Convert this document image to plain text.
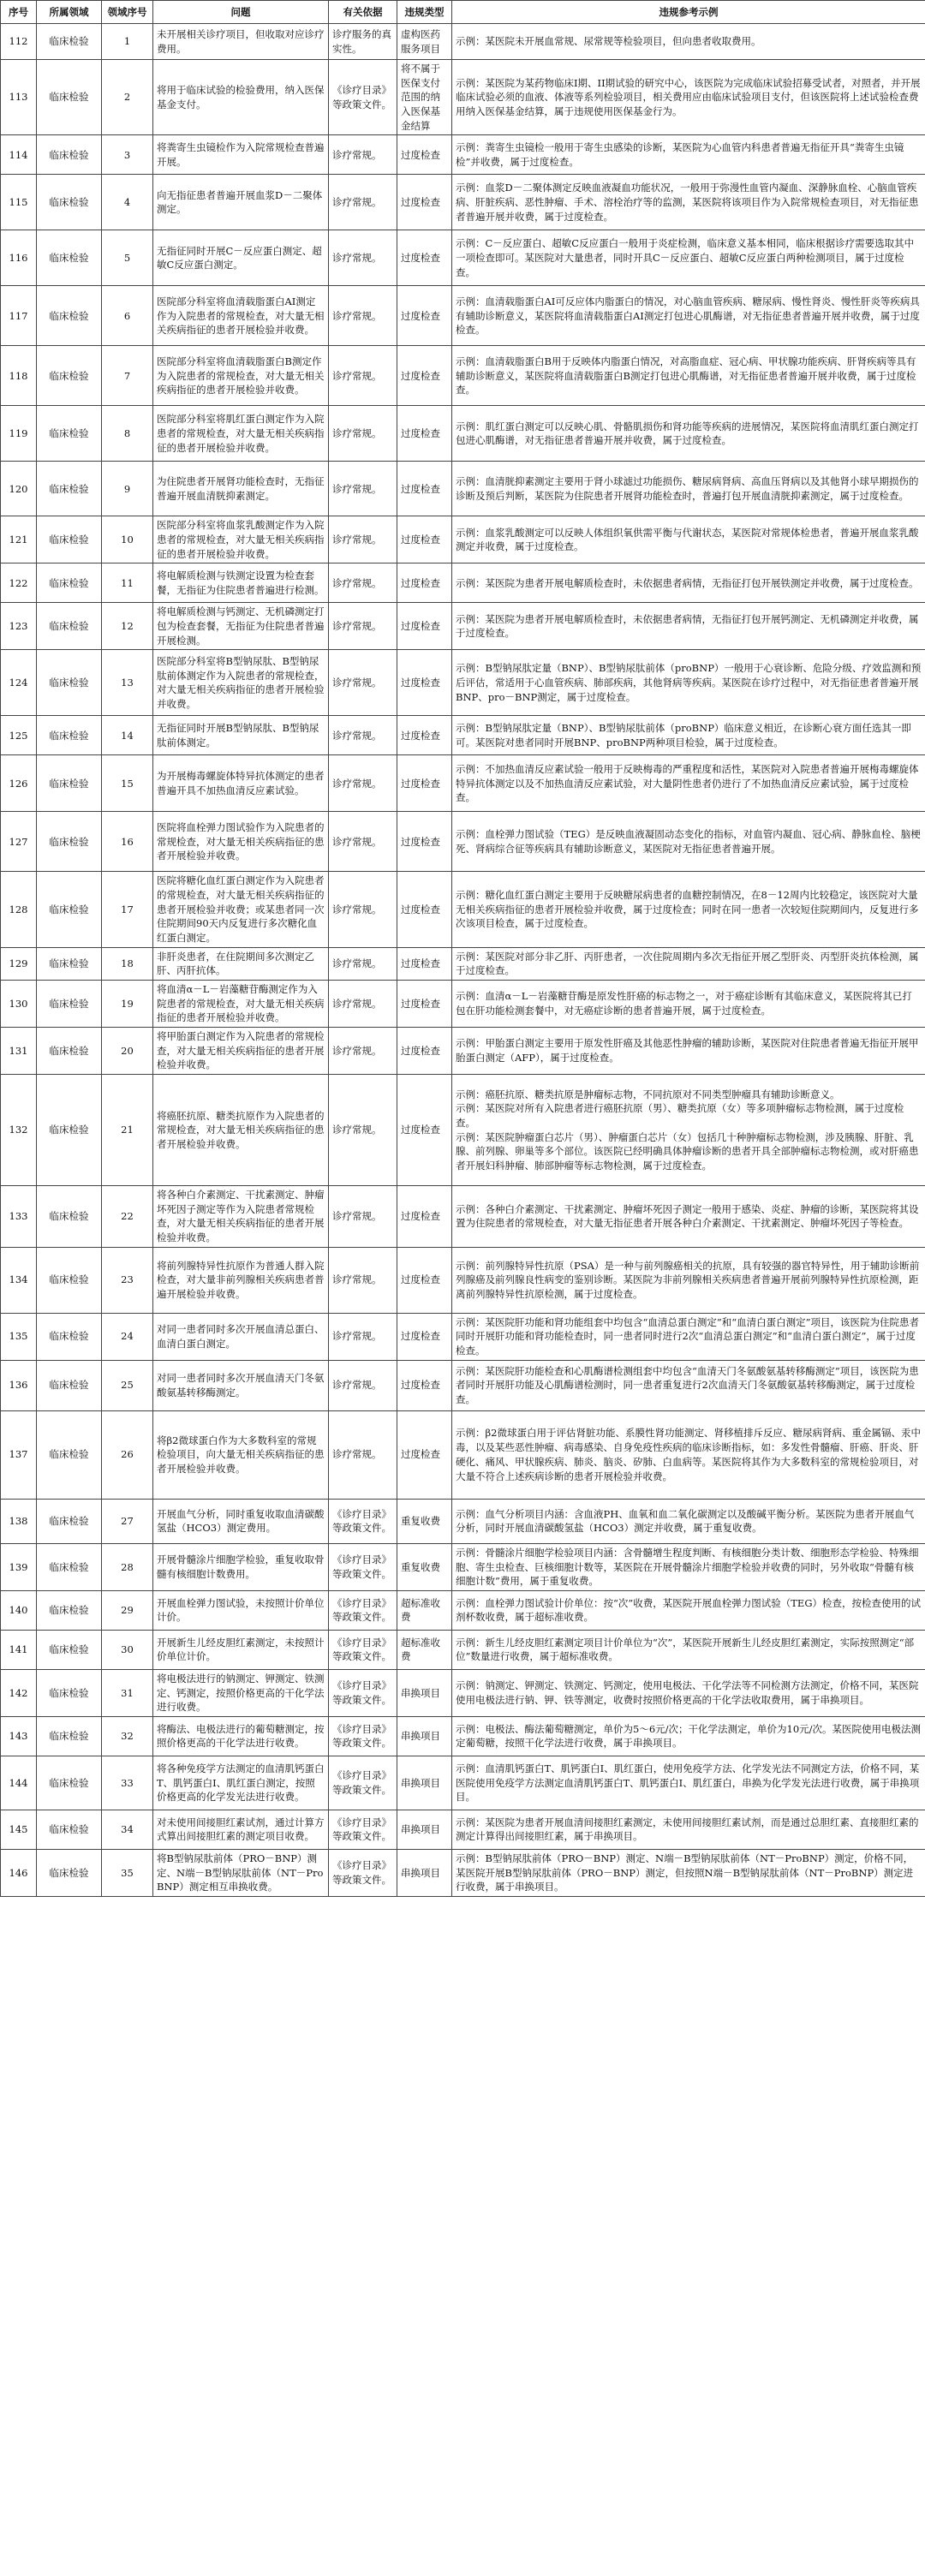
序号	所属领域	领域序号	问题	有关依据	违规类型	违规参考示例
112	临床检验	1	未开展相关诊疗项目，但收取对应诊疗费用。	诊疗服务的真实性。	虚构医药服务项目	示例：某医院未开展血常规、尿常规等检验项目，但向患者收取费用。
113	临床检验	2	将用于临床试验的检验费用，纳入医保基金支付。	《诊疗目录》等政策文件。	将不属于医保支付范围的纳入医保基金结算	示例：某医院为某药物临床I期、II期试验的研究中心，该医院为完成临床试验招募受试者，对照者，并开展临床试验必须的血液、体液等系列检验项目，相关费用应由临床试验项目支付，但该医院将上述试验检查费用纳入医保基金结算，属于违规使用医保基金行为。
114	临床检验	3	将粪寄生虫镜检作为入院常规检查普遍开展。	诊疗常规。	过度检查	示例：粪寄生虫镜检一般用于寄生虫感染的诊断，某医院为心血管内科患者普遍无指征开具“粪寄生虫镜检”并收费，属于过度检查。
115	临床检验	4	向无指征患者普遍开展血浆D－二聚体测定。	诊疗常规。	过度检查	示例：血浆D－二聚体测定反映血液凝血功能状况，一般用于弥漫性血管内凝血、深静脉血栓、心脑血管疾病、肝脏疾病、恶性肿瘤、手术、溶栓治疗等的监测，某医院将该项目作为入院常规检查项目，对无指征患者普遍开展并收费，属于过度检查。
116	临床检验	5	无指征同时开展C－反应蛋白测定、超敏C反应蛋白测定。	诊疗常规。	过度检查	示例：C－反应蛋白、超敏C反应蛋白一般用于炎症检测，临床意义基本相同，临床根据诊疗需要选取其中一项检查即可。某医院对大量患者，同时开具C－反应蛋白、超敏C反应蛋白两种检测项目，属于过度检查。
117	临床检验	6	医院部分科室将血清载脂蛋白AI测定作为入院患者的常规检查，对大量无相关疾病指征的患者开展检验并收费。	诊疗常规。	过度检查	示例：血清载脂蛋白AI可反应体内脂蛋白的情况，对心脑血管疾病、糖尿病、慢性肾炎、慢性肝炎等疾病具有辅助诊断意义，某医院将血清载脂蛋白AI测定打包进心肌酶谱，对无指征患者普遍开展并收费，属于过度检查。
118	临床检验	7	医院部分科室将血清载脂蛋白B测定作为入院患者的常规检查，对大量无相关疾病指征的患者开展检验并收费。	诊疗常规。	过度检查	示例：血清载脂蛋白B用于反映体内脂蛋白情况，对高脂血症、冠心病、甲状腺功能疾病、肝肾疾病等具有辅助诊断意义，某医院将血清载脂蛋白B测定打包进心肌酶谱，对无指征患者普遍开展并收费，属于过度检查。
119	临床检验	8	医院部分科室将肌红蛋白测定作为入院患者的常规检查，对大量无相关疾病指征的患者开展检验并收费。	诊疗常规。	过度检查	示例：肌红蛋白测定可以反映心肌、骨骼肌损伤和肾功能等疾病的进展情况，某医院将血清肌红蛋白测定打包进心肌酶谱，对无指征患者普遍开展并收费，属于过度检查。
120	临床检验	9	为住院患者开展肾功能检查时，无指征普遍开展血清胱抑素测定。	诊疗常规。	过度检查	示例：血清胱抑素测定主要用于肾小球滤过功能损伤、糖尿病肾病、高血压肾病以及其他肾小球早期损伤的诊断及预后判断，某医院为住院患者开展肾功能检查时，普遍打包开展血清胱抑素测定，属于过度检查。
121	临床检验	10	医院部分科室将血浆乳酸测定作为入院患者的常规检查，对大量无相关疾病指征的患者开展检验并收费。	诊疗常规。	过度检查	示例：血浆乳酸测定可以反映人体组织氧供需平衡与代谢状态，某医院对常规体检患者，普遍开展血浆乳酸测定并收费，属于过度检查。
122	临床检验	11	将电解质检测与铁测定设置为检查套餐，无指征为住院患者普遍进行检测。	诊疗常规。	过度检查	示例：某医院为患者开展电解质检查时，未依据患者病情，无指征打包开展铁测定并收费，属于过度检查。
123	临床检验	12	将电解质检测与钙测定、无机磷测定打包为检查套餐，无指征为住院患者普遍开展检测。	诊疗常规。	过度检查	示例：某医院为患者开展电解质检查时，未依据患者病情，无指征打包开展钙测定、无机磷测定并收费，属于过度检查。
124	临床检验	13	医院部分科室将B型钠尿肽、B型钠尿肽前体测定作为入院患者的常规检查，对大量无相关疾病指征的患者开展检验并收费。	诊疗常规。	过度检查	示例：B型钠尿肽定量（BNP）、B型钠尿肽前体（proBNP）一般用于心衰诊断、危险分级、疗效监测和预后评估，常适用于心血管疾病、肺部疾病，其他肾病等疾病。某医院在诊疗过程中，对无指征患者普遍开展BNP、pro－BNP测定，属于过度检查。
125	临床检验	14	无指征同时开展B型钠尿肽、B型钠尿肽前体测定。	诊疗常规。	过度检查	示例：B型钠尿肽定量（BNP）、B型钠尿肽前体（proBNP）临床意义相近，在诊断心衰方面任选其一即可。某医院对患者同时开展BNP、proBNP两种项目检验，属于过度检查。
126	临床检验	15	为开展梅毒螺旋体特异抗体测定的患者普遍开具不加热血清反应素试验。	诊疗常规。	过度检查	示例：不加热血清反应素试验一般用于反映梅毒的严重程度和活性，某医院对入院患者普遍开展梅毒螺旋体特异抗体测定以及不加热血清反应素试验，对大量阴性患者仍进行了不加热血清反应素试验，属于过度检查。
127	临床检验	16	医院将血栓弹力图试验作为入院患者的常规检查，对大量无相关疾病指征的患者开展检验并收费。	诊疗常规。	过度检查	示例：血栓弹力图试验（TEG）是反映血液凝固动态变化的指标，对血管内凝血、冠心病、静脉血栓、脑梗死、肾病综合征等疾病具有辅助诊断意义，某医院对无指征患者普遍开展。
128	临床检验	17	医院将糖化血红蛋白测定作为入院患者的常规检查，对大量无相关疾病指征的患者开展检验并收费；或某患者同一次住院期间90天内反复进行多次糖化血红蛋白测定。	诊疗常规。	过度检查	示例：糖化血红蛋白测定主要用于反映糖尿病患者的血糖控制情况，在8－12周内比较稳定，该医院对大量无相关疾病指征的患者开展检验并收费，属于过度检查；同时在同一患者一次较短住院期间内，反复进行多次该项目检查，属于过度检查。
129	临床检验	18	非肝炎患者，在住院期间多次测定乙肝、丙肝抗体。	诊疗常规。	过度检查	示例：某医院对部分非乙肝、丙肝患者，一次住院周期内多次无指征开展乙型肝炎、丙型肝炎抗体检测，属于过度检查。
130	临床检验	19	将血清α－L－岩藻糖苷酶测定作为入院患者的常规检查，对大量无相关疾病指征的患者开展检验并收费。	诊疗常规。	过度检查	示例：血清α－L－岩藻糖苷酶是原发性肝癌的标志物之一，对于癌症诊断有其临床意义，某医院将其已打包在肝功能检测套餐中，对无癌症诊断的患者普遍开展，属于过度检查。
131	临床检验	20	将甲胎蛋白测定作为入院患者的常规检查，对大量无相关疾病指征的患者开展检验并收费。	诊疗常规。	过度检查	示例：甲胎蛋白测定主要用于原发性肝癌及其他恶性肿瘤的辅助诊断，某医院对住院患者普遍无指征开展甲胎蛋白测定（AFP），属于过度检查。
132	临床检验	21	将癌胚抗原、糖类抗原作为入院患者的常规检查，对大量无相关疾病指征的患者开展检验并收费。	诊疗常规。	过度检查	示例：癌胚抗原、糖类抗原是肿瘤标志物，不同抗原对不同类型肿瘤具有辅助诊断意义。
示例：某医院对所有入院患者进行癌胚抗原（男）、糖类抗原（女）等多项肿瘤标志物检测，属于过度检查。
示例：某医院肿瘤蛋白芯片（男）、肿瘤蛋白芯片（女）包括几十种肿瘤标志物检测，涉及胰腺、肝脏、乳腺、前列腺、卵巢等多个部位。该医院已经明确具体肿瘤诊断的患者开具全部肿瘤标志物检测，或对肝癌患者开展妇科肿瘤、肺部肿瘤等标志物检测，属于过度检查。
133	临床检验	22	将各种白介素测定、干扰素测定、肿瘤坏死因子测定等作为入院患者常规检查，对大量无相关疾病指征的患者开展检验并收费。	诊疗常规。	过度检查	示例：各种白介素测定、干扰素测定、肿瘤坏死因子测定一般用于感染、炎症、肿瘤的诊断，某医院将其设置为住院患者的常规检查，对大量无指征患者开展各种白介素测定、干扰素测定、肿瘤坏死因子等检查。
134	临床检验	23	将前列腺特异性抗原作为普通人群入院检查，对大量非前列腺相关疾病患者普遍开展检验并收费。	诊疗常规。	过度检查	示例：前列腺特异性抗原（PSA）是一种与前列腺癌相关的抗原，具有较强的器官特异性，用于辅助诊断前列腺癌及前列腺良性病变的鉴别诊断。某医院为非前列腺相关疾病患者普遍开展前列腺特异性抗原检测，距离前列腺特异性抗原检测，属于过度检查。
135	临床检验	24	对同一患者同时多次开展血清总蛋白、血清白蛋白测定。	诊疗常规。	过度检查	示例：某医院肝功能和肾功能组套中均包含“血清总蛋白测定”和“血清白蛋白测定”项目，该医院为住院患者同时开展肝功能和肾功能检查时，同一患者同时进行2次“血清总蛋白测定”和“血清白蛋白测定”，属于过度检查。
136	临床检验	25	对同一患者同时多次开展血清天门冬氨酸氨基转移酶测定。	诊疗常规。	过度检查	示例：某医院肝功能检查和心肌酶谱检测组套中均包含“血清天门冬氨酸氨基转移酶测定”项目，该医院为患者同时开展肝功能及心肌酶谱检测时，同一患者重复进行2次血清天门冬氨酸氨基转移酶测定，属于过度检查。
137	临床检验	26	将β2微球蛋白作为大多数科室的常规检验项目，向大量无相关疾病指征的患者开展检验并收费。	诊疗常规。	过度检查	示例：β2微球蛋白用于评估肾脏功能、系膜性肾功能测定、肾移植排斥反应、糖尿病肾病、重金属镉、汞中毒，以及某些恶性肿瘤、病毒感染、自身免疫性疾病的临床诊断指标，如：多发性骨髓瘤、肝癌、肝炎、肝硬化、痛风、甲状腺疾病、肺炎、脑炎、矽肺、白血病等。某医院将其作为大多数科室的常规检验项目，对大量不符合上述疾病诊断的患者开展检验并收费。
138	临床检验	27	开展血气分析，同时重复收取血清碳酸氢盐（HCO3）测定费用。	《诊疗目录》等政策文件。	重复收费	示例：血气分析项目内涵：含血液PH、血氧和血二氧化碳测定以及酸碱平衡分析。某医院为患者开展血气分析，同时开展血清碳酸氢盐（HCO3）测定并收费，属于重复收费。
139	临床检验	28	开展骨髓涂片细胞学检验，重复收取骨髓有核细胞计数费用。	《诊疗目录》等政策文件。	重复收费	示例：骨髓涂片细胞学检验项目内涵：含骨髓增生程度判断、有核细胞分类计数、细胞形态学检验、特殊细胞、寄生虫检查、巨核细胞计数等，某医院在开展骨髓涂片细胞学检验并收费的同时，另外收取“骨髓有核细胞计数”费用，属于重复收费。
140	临床检验	29	开展血栓弹力图试验，未按照计价单位计价。	《诊疗目录》等政策文件。	超标准收费	示例：血栓弹力图试验计价单位：按“次”收费，某医院开展血栓弹力图试验（TEG）检查，按检查使用的试剂杯数收费，属于超标准收费。
141	临床检验	30	开展新生儿经皮胆红素测定，未按照计价单位计价。	《诊疗目录》等政策文件。	超标准收费	示例：新生儿经皮胆红素测定项目计价单位为“次”，某医院开展新生儿经皮胆红素测定，实际按照测定“部位”数量进行收费，属于超标准收费。
142	临床检验	31	将电极法进行的钠测定、钾测定、铁测定、钙测定，按照价格更高的干化学法进行收费。	《诊疗目录》等政策文件。	串换项目	示例：钠测定、钾测定、铁测定、钙测定，使用电极法、干化学法等不同检测方法测定，价格不同，某医院使用电极法进行钠、钾、铁等测定，收费时按照价格更高的干化学法收取费用，属于串换项目。
143	临床检验	32	将酶法、电极法进行的葡萄糖测定，按照价格更高的干化学法进行收费。	《诊疗目录》等政策文件。	串换项目	示例：电极法、酶法葡萄糖测定，单价为5～6元/次；干化学法测定，单价为10元/次。某医院使用电极法测定葡萄糖，按照干化学法进行收费，属于串换项目。
144	临床检验	33	将各种免疫学方法测定的血清肌钙蛋白T、肌钙蛋白I、肌红蛋白测定，按照价格更高的化学发光法进行收费。	《诊疗目录》等政策文件。	串换项目	示例：血清肌钙蛋白T、肌钙蛋白I、肌红蛋白，使用免疫学方法、化学发光法不同测定方法，价格不同，某医院使用免疫学方法测定血清肌钙蛋白T、肌钙蛋白I、肌红蛋白，串换为化学发光法进行收费，属于串换项目。
145	临床检验	34	对未使用间接胆红素试剂，通过计算方式算出间接胆红素的测定项目收费。	《诊疗目录》等政策文件。	串换项目	示例：某医院为患者开展血清间接胆红素测定，未使用间接胆红素试剂，而是通过总胆红素、直接胆红素的测定计算得出间接胆红素，属于串换项目。
146	临床检验	35	将B型钠尿肽前体（PRO－BNP）测定、N端－B型钠尿肽前体（NT－ProBNP）测定相互串换收费。	《诊疗目录》等政策文件。	串换项目	示例：B型钠尿肽前体（PRO－BNP）测定、N端－B型钠尿肽前体（NT－ProBNP）测定，价格不同，某医院开展B型钠尿肽前体（PRO－BNP）测定，但按照N端－B型钠尿肽前体（NT－ProBNP）测定进行收费，属于串换项目。
